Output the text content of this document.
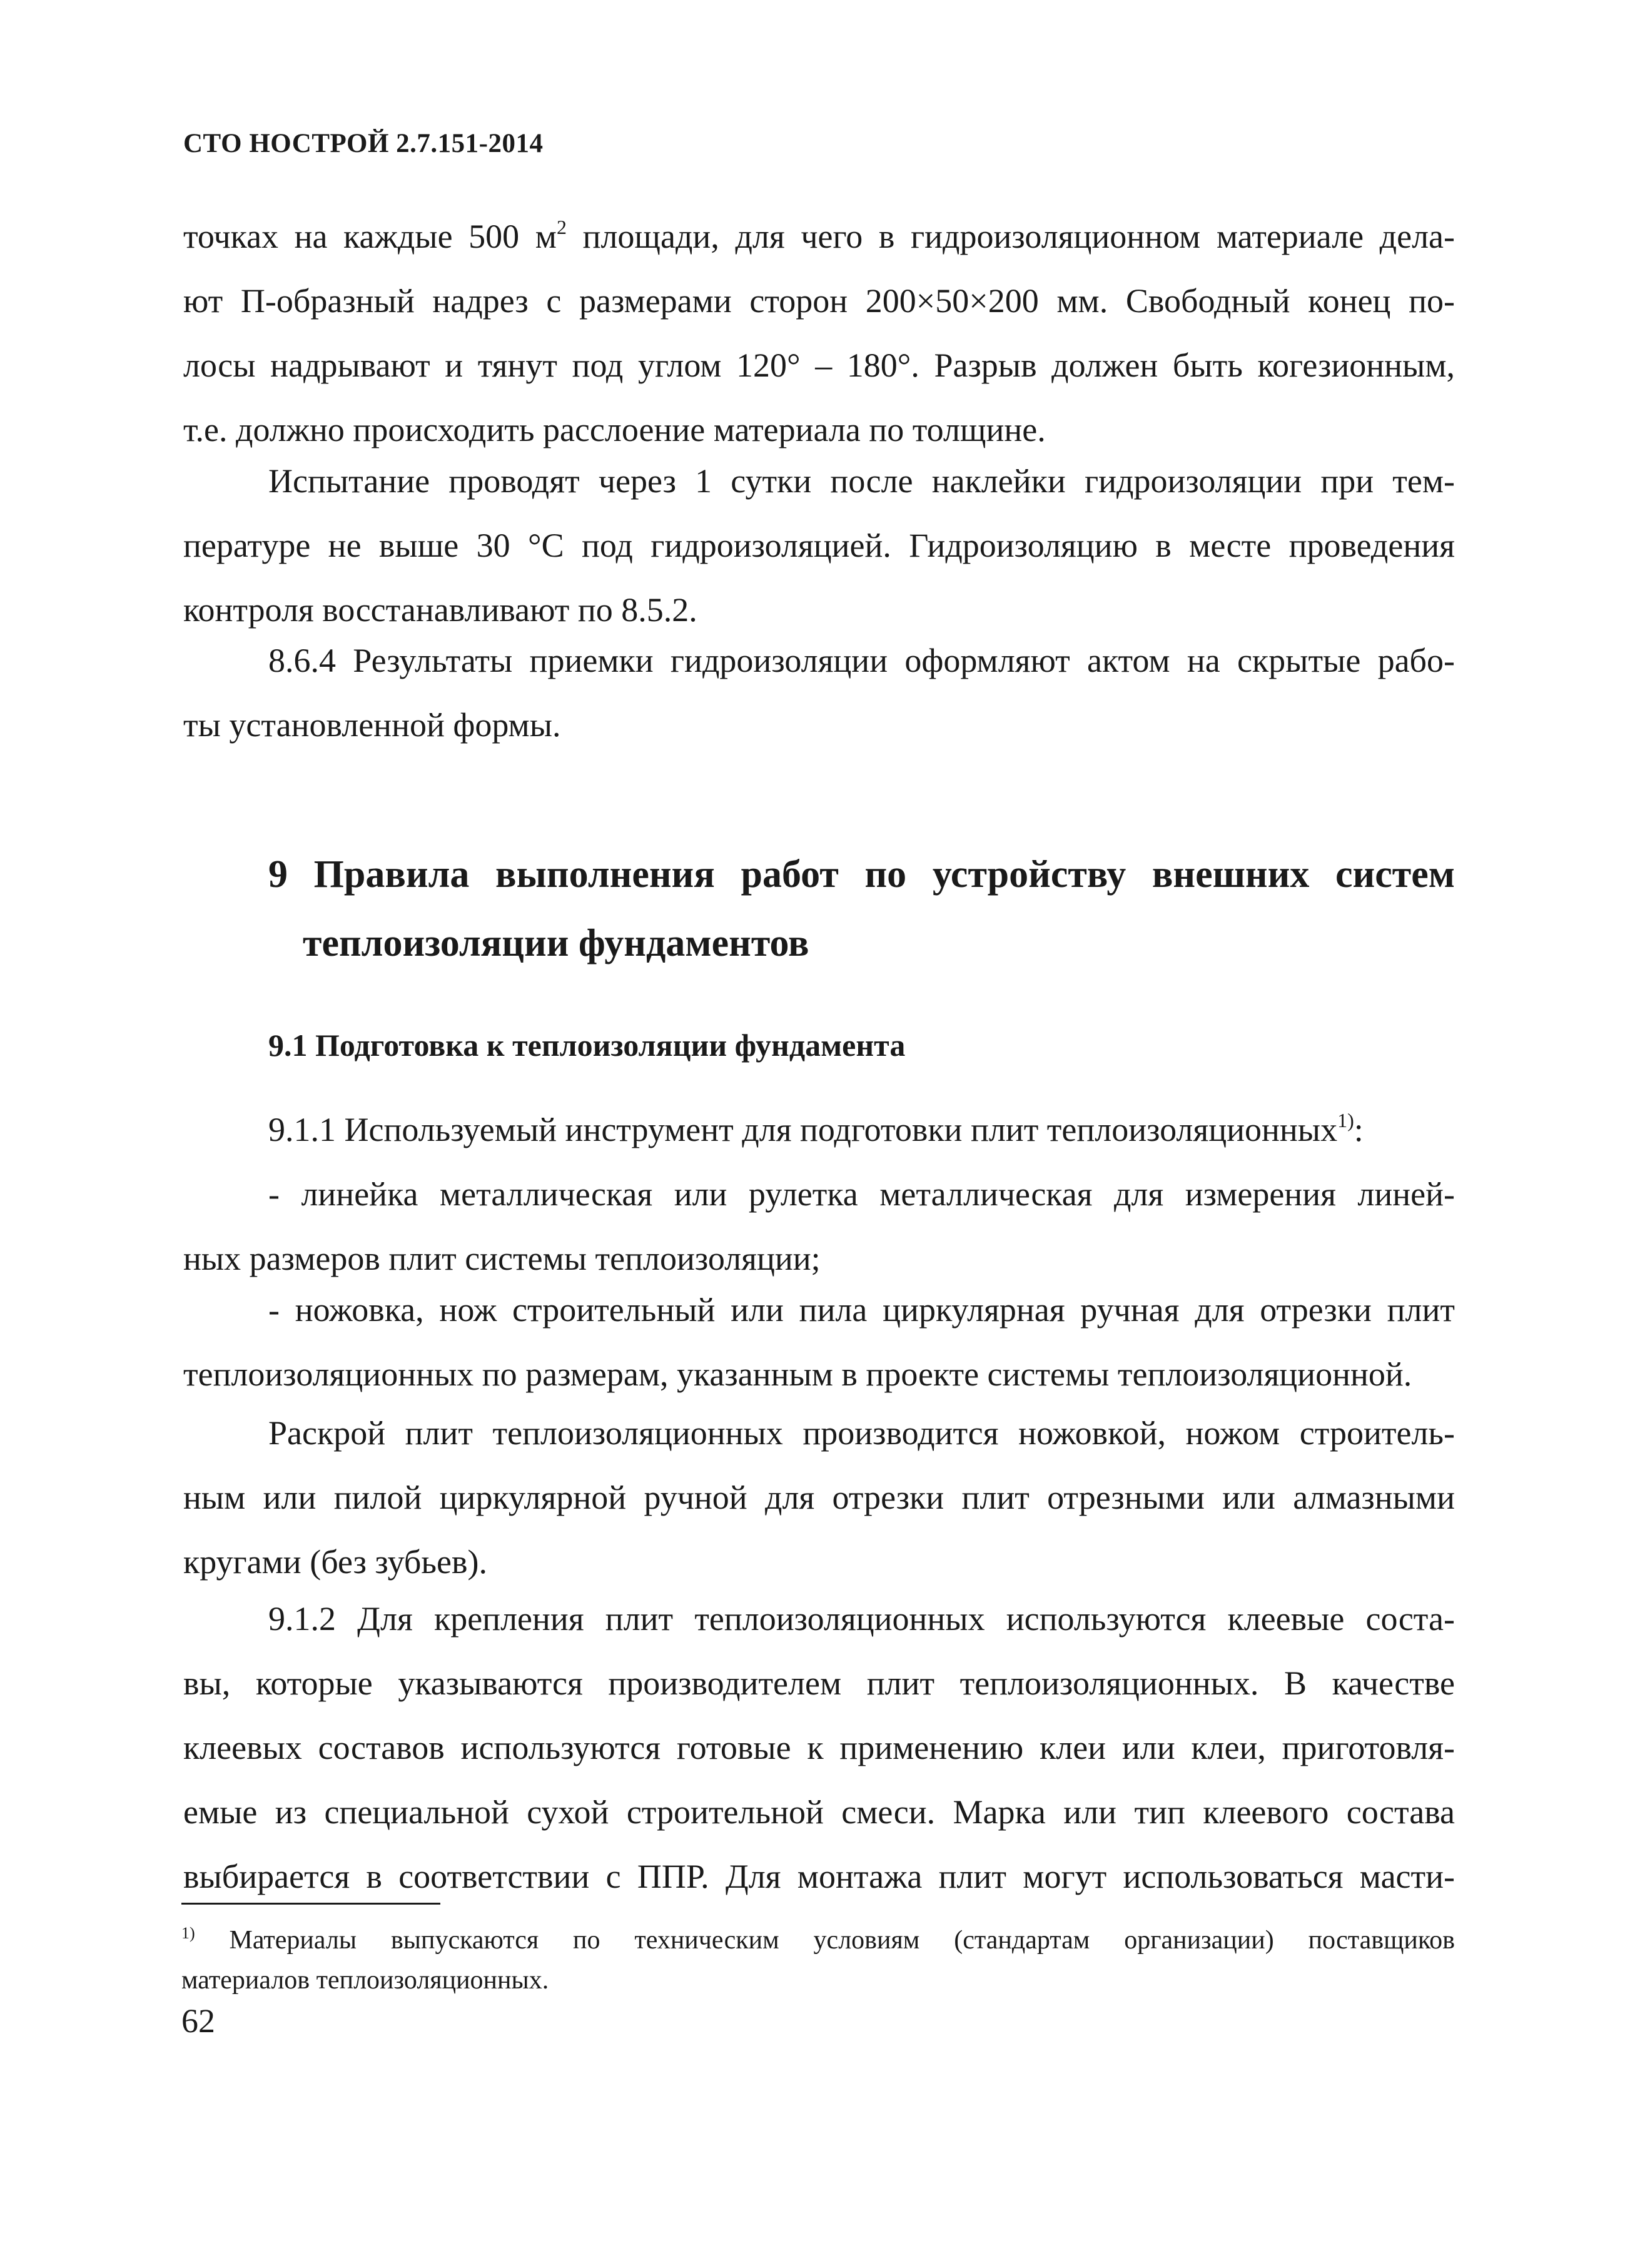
СТО НОСТРОЙ 2.7.151-2014
точках на каждые 500 $м^2$ площади, для чего в гидроизоляционном материале дела-
ют П-образный надрез с размерами сторон 200×50×200 мм. Свободный конец по-
лосы надрывают и тянут под углом 120° – 180°. Разрыв должен быть когезионным,
т.е. должно происходить расслоение материала по толщине.
Испытание проводят через 1 сутки после наклейки гидроизоляции при тем-
пературе не выше 30 °С под гидроизоляцией. Гидроизоляцию в месте проведения
контроля восстанавливают по 8.5.2.
8.6.4 Результаты приемки гидроизоляции оформляют актом на скрытые рабо-
ты установленной формы.
9 Правила выполнения работ по устройству внешних систем
теплоизоляции фундаментов
9.1 Подготовка к теплоизоляции фундамента
9.1.1 Используемый инструмент для подготовки плит теплоизоляционных$^{1)}$:
- линейка металлическая или рулетка металлическая для измерения линей-
ных размеров плит системы теплоизоляции;
- ножовка, нож строительный или пила циркулярная ручная для отрезки плит
теплоизоляционных по размерам, указанным в проекте системы теплоизоляционной.
Раскрой плит теплоизоляционных производится ножовкой, ножом строитель-
ным или пилой циркулярной ручной для отрезки плит отрезными или алмазными
кругами (без зубьев).
9.1.2 Для крепления плит теплоизоляционных используются клеевые соста-
вы, которые указываются производителем плит теплоизоляционных. В качестве
клеевых составов используются готовые к применению клеи или клеи, приготовля-
емые из специальной сухой строительной смеси. Марка или тип клеевого состава
выбирается в соответствии с ППР. Для монтажа плит могут использоваться масти-
$^{1)}$ Материалы выпускаются по техническим условиям (стандартам организации) поставщиков
материалов теплоизоляционных.
62
